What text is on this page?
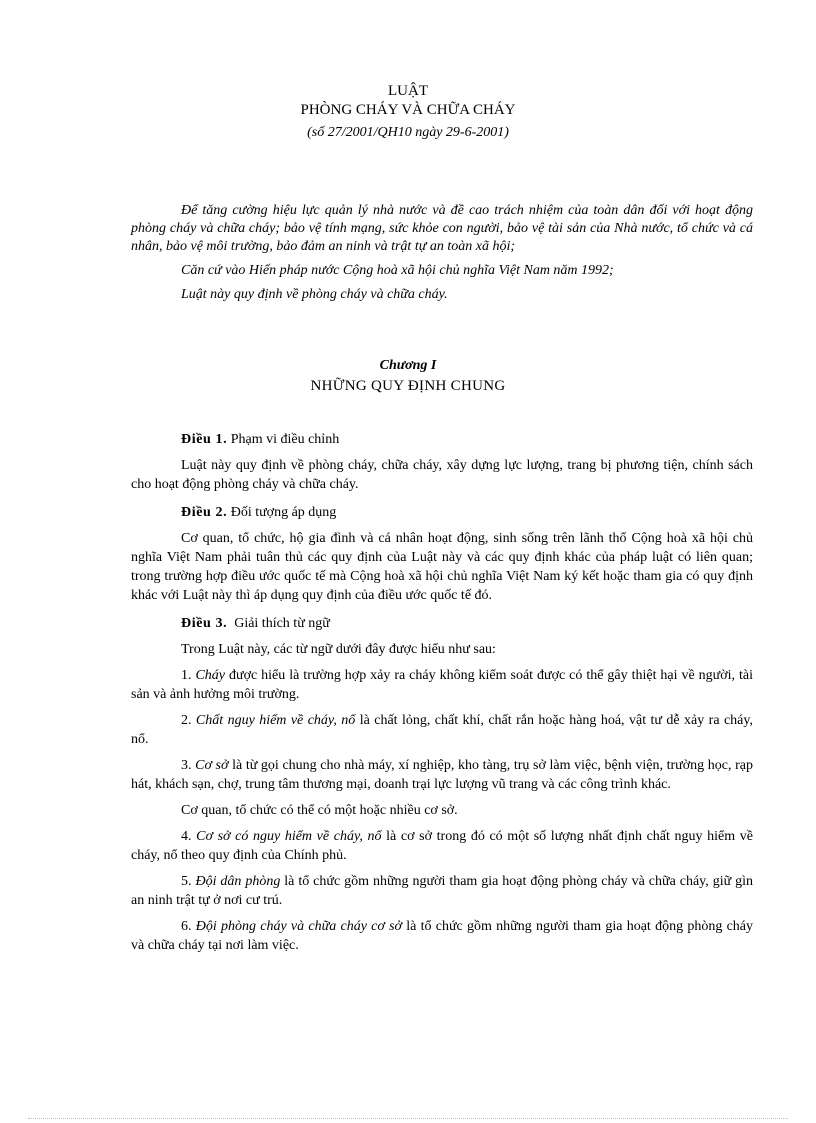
LUẬT
PHÒNG CHÁY VÀ CHỮA CHÁY
(số 27/2001/QH10 ngày 29-6-2001)

Để tăng cường hiệu lực quản lý nhà nước và đề cao trách nhiệm của toàn dân đối với hoạt động phòng cháy và chữa cháy; bảo vệ tính mạng, sức khỏe con người, bảo vệ tài sản của Nhà nước, tổ chức và cá nhân, bảo vệ môi trường, bảo đảm an ninh và trật tự an toàn xã hội;

Căn cứ vào Hiến pháp nước Cộng hoà xã hội chủ nghĩa Việt Nam năm 1992;

Luật này quy định về phòng cháy và chữa cháy.

Chương I
NHỮNG QUY ĐỊNH CHUNG

Điều 1. Phạm vi điều chỉnh

Luật này quy định về phòng cháy, chữa cháy, xây dựng lực lượng, trang bị phương tiện, chính sách cho hoạt động phòng cháy và chữa cháy.

Điều 2. Đối tượng áp dụng

Cơ quan, tổ chức, hộ gia đình và cá nhân hoạt động, sinh sống trên lãnh thổ Cộng hoà xã hội chủ nghĩa Việt Nam phải tuân thủ các quy định của Luật này và các quy định khác của pháp luật có liên quan; trong trường hợp điều ước quốc tế mà Cộng hoà xã hội chủ nghĩa Việt Nam ký kết hoặc tham gia có quy định khác với Luật này thì áp dụng quy định của điều ước quốc tế đó.

Điều 3. Giải thích từ ngữ

Trong Luật này, các từ ngữ dưới đây được hiểu như sau:

1. Cháy được hiểu là trường hợp xảy ra cháy không kiểm soát được có thể gây thiệt hại về người, tài sản và ảnh hưởng môi trường.

2. Chất nguy hiểm về cháy, nổ là chất lỏng, chất khí, chất rắn hoặc hàng hoá, vật tư dễ xảy ra cháy, nổ.

3. Cơ sở là từ gọi chung cho nhà máy, xí nghiệp, kho tàng, trụ sở làm việc, bệnh viện, trường học, rạp hát, khách sạn, chợ, trung tâm thương mại, doanh trại lực lượng vũ trang và các công trình khác.

Cơ quan, tổ chức có thể có một hoặc nhiều cơ sở.

4. Cơ sở có nguy hiểm về cháy, nổ là cơ sở trong đó có một số lượng nhất định chất nguy hiểm về cháy, nổ theo quy định của Chính phủ.

5. Đội dân phòng là tổ chức gồm những người tham gia hoạt động phòng cháy và chữa cháy, giữ gìn an ninh trật tự ở nơi cư trú.

6. Đội phòng cháy và chữa cháy cơ sở là tổ chức gồm những người tham gia hoạt động phòng cháy và chữa cháy tại nơi làm việc.
